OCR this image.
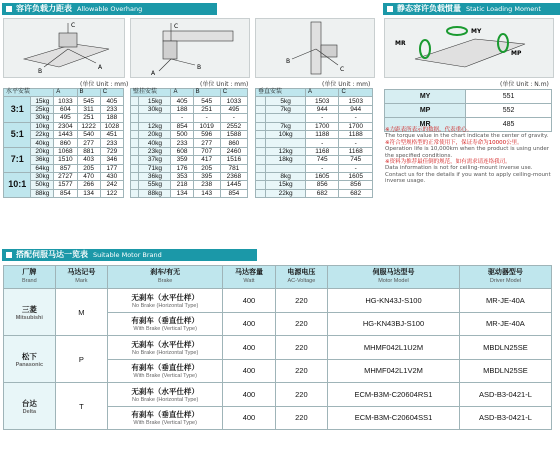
容许负载力距表 Allowable Overhang	静态容许负载惯量 Static Loading Moment
C
B
A
C
A
B
B
C
MY
MP
MR
(单位 Unit : mm)	(单位 Unit : mm)	(单位 Unit : mm)	(单位 Unit : N.m)
水平安装		A	B	C
3:1	15kg	1033	545	405
	25kg	604	311	233
	30kg	495	251	188
5:1	10kg	2304	1222	1028
	22kg	1443	540	451
	40kg	860	277	233
7:1	20kg	1068	881	729
	36kg	1510	403	346
	64kg	857	205	177
10:1	30kg	2727	470	430
	50kg	1577	266	242
	88kg	854	134	122
壁挂安装		A	B	C
	15kg	405	545	1033
	30kg	188	251	495
		-	-	-
	12kg	854	1019	2552
	20kg	500	596	1588
	40kg	233	277	860
	23kg	608	707	2460
	37kg	359	417	1516
	71kg	176	205	781
	36kg	353	395	2368
	55kg	218	238	1445
	88kg	134	143	854
垂直安装		A	C
	5kg	1503	1503
	7kg	944	944
		-	-
	7kg	1700	1700
	10kg	1188	1188
		-	-
	12kg	1168	1168
	18kg	745	745
		-	-
	8kg	1605	1605
	15kg	856	856
	22kg	682	682
MY	551
MP	552
MR	485
※力距表所表示的数据，代表重心。
The torque value in the chart indicate the center of gravity.
※符合型规格型的正常使用下，保证寿命为10000公里。
Operation life is 10,000km when the product is using under the specified conditions.
※资料为推荐最佳倒的规范，如有需求请连络我司。
Data information is not for ceiling-mount inverse use. Contact us for the details if you want to apply ceiling-mount inverse usage.
搭配伺服马达一览表 Suitable Motor Brand
厂牌
Brand	马达记号
Mark	刹车/有无
Brake	马达容量
Watt	电源电压
AC-Voltage	伺服马达型号
Motor Model	驱动器型号
Driver Model

三菱
Mitsubishi	M	无刹车（水平仕样）
No Brake (Horizontal Type)	400	220	HG-KN43J-S100	MR-JE-40A

		有刹车（垂直仕样）
With Brake (Vertical Type)	400	220	HG-KN43BJ-S100	MR-JE-40A

松下
Panasonic	P	无刹车（水平仕样）
No Brake (Horizontal Type)	400	220	MHMF042L1U2M	MBDLN25SE

		有刹车（垂直仕样）
With Brake (Vertical Type)	400	220	MHMF042L1V2M	MBDLN25SE

台达
Delta	T	无刹车（水平仕样）
No Brake (Horizontal Type)	400	220	ECM-B3M-C20604RS1	ASD-B3-0421-L

		有刹车（垂直仕样）
With Brake (Vertical Type)	400	220	ECM-B3M-C20604SS1	ASD-B3-0421-L
